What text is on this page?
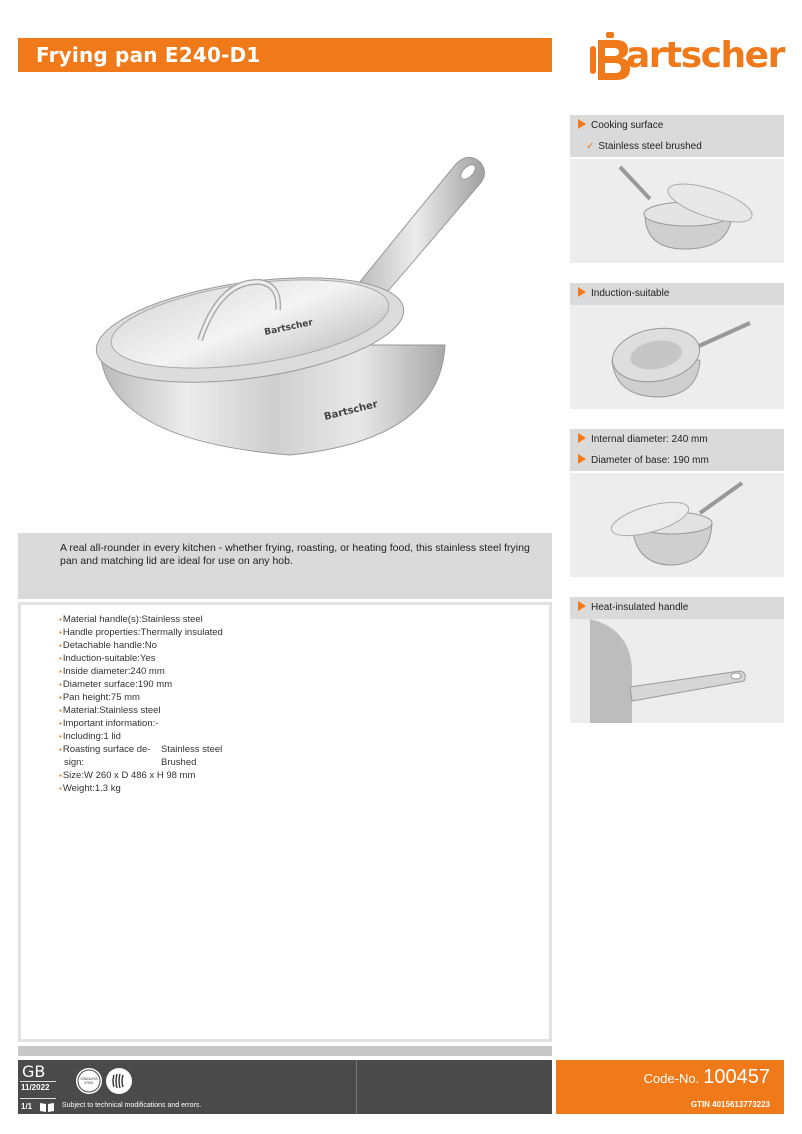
Frying pan E240-D1	artscher
Bartscher
Bartscher

A real all-rounder in every kitchen - whether frying, roasting, or heating food, this stainless steel frying pan and matching lid are ideal for use on any hob.

▪Material handle(s):Stainless steel
▪Handle properties:Thermally insulated
▪Detachable handle:No
▪Induction-suitable:Yes
▪Inside diameter:240 mm
▪Diameter surface:190 mm
▪Pan height:75 mm
▪Material:Stainless steel
▪Important information:-
▪Including:1 lid
▪Roasting surface de- sign:
Stainless steel Brushed
▪Size:W 260 x D 486 x H 98 mm
▪Weight:1.3 kg
Cooking surface
✓ Stainless steel brushed
Induction-suitable
Internal diameter: 240 mm
Diameter of base: 190 mm
Heat-insulated handle
GB
11/2022
1/1	Subject to technical modifications and errors.
STAINLESS
STEEL	Code-No. 100457
GTIN 4015613773223
